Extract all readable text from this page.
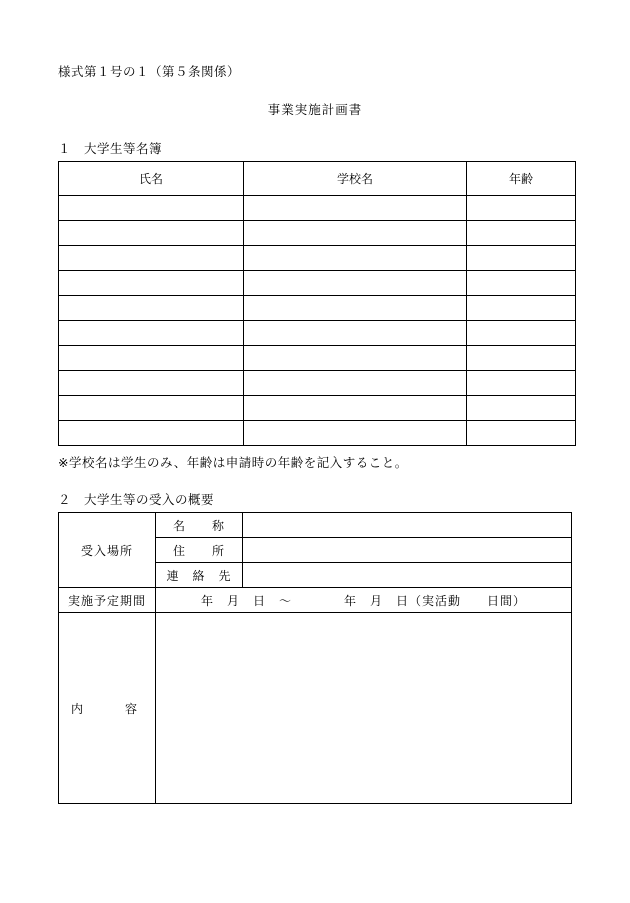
様式第１号の１（第５条関係）
事業実施計画書
１　大学生等名簿
氏名	学校名	年齢

※学校名は学生のみ、年齢は申請時の年齢を記入すること。
２　大学生等の受入の概要
受入場所	名　　称	
	住　　所	
	連　絡　先	
実施予定期間	年　月　日　～　　　　年　月　日（実活動　　日間）	
内　　容		
